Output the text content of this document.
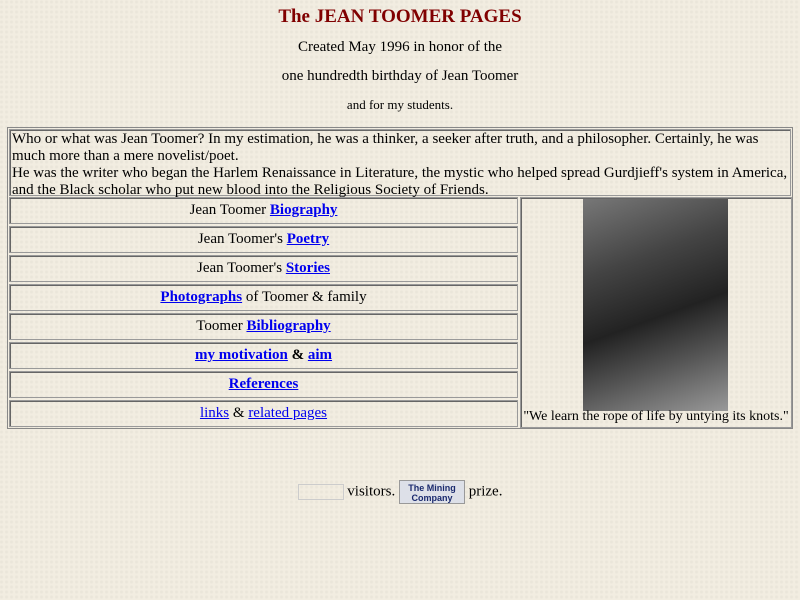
The JEAN TOOMER PAGES
Created May 1996 in honor of the
one hundredth birthday of Jean Toomer
and for my students.
Who or what was Jean Toomer? In my estimation, he was a thinker, a seeker after truth, and a philosopher. Certainly, he was much more than a mere novelist/poet.
He was the writer who began the Harlem Renaissance in Literature, the mystic who helped spread Gurdjieff's system in America, and the Black scholar who put new blood into the Religious Society of Friends.
Jean Toomer Biography
Jean Toomer's Poetry
Jean Toomer's Stories
Photographs of Toomer & family
Toomer Bibliography
my motivation & aim
References
links & related pages	"We learn the rope of life by untying its knots."
visitors. The Mining
Company prize.
